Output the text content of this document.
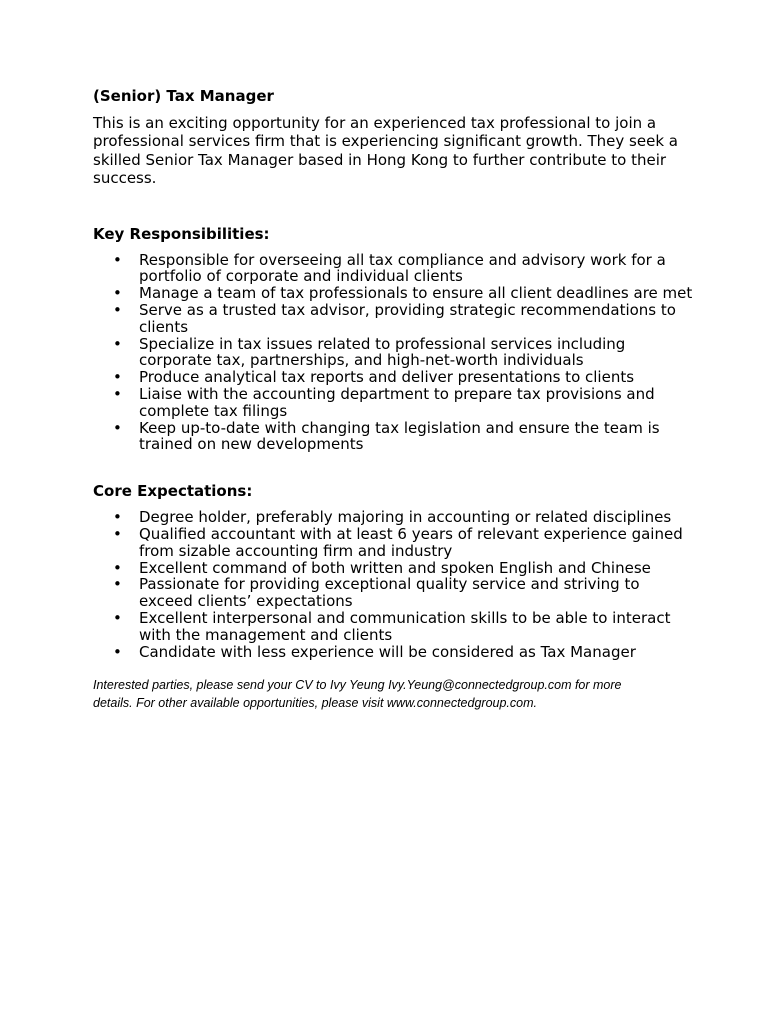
(Senior) Tax Manager

This is an exciting opportunity for an experienced tax professional to join a professional services firm that is experiencing significant growth. They seek a skilled Senior Tax Manager based in Hong Kong to further contribute to their success.

Key Responsibilities:
• Responsible for overseeing all tax compliance and advisory work for a portfolio of corporate and individual clients
• Manage a team of tax professionals to ensure all client deadlines are met
• Serve as a trusted tax advisor, providing strategic recommendations to clients
• Specialize in tax issues related to professional services including corporate tax, partnerships, and high-net-worth individuals
• Produce analytical tax reports and deliver presentations to clients
• Liaise with the accounting department to prepare tax provisions and complete tax filings
• Keep up-to-date with changing tax legislation and ensure the team is trained on new developments
Core Expectations:
• Degree holder, preferably majoring in accounting or related disciplines
• Qualified accountant with at least 6 years of relevant experience gained from sizable accounting firm and industry
• Excellent command of both written and spoken English and Chinese
• Passionate for providing exceptional quality service and striving to exceed clients’ expectations
• Excellent interpersonal and communication skills to be able to interact with the management and clients
• Candidate with less experience will be considered as Tax Manager

Interested parties, please send your CV to Ivy Yeung Ivy.Yeung@connectedgroup.com for more details. For other available opportunities, please visit www.connectedgroup.com.
